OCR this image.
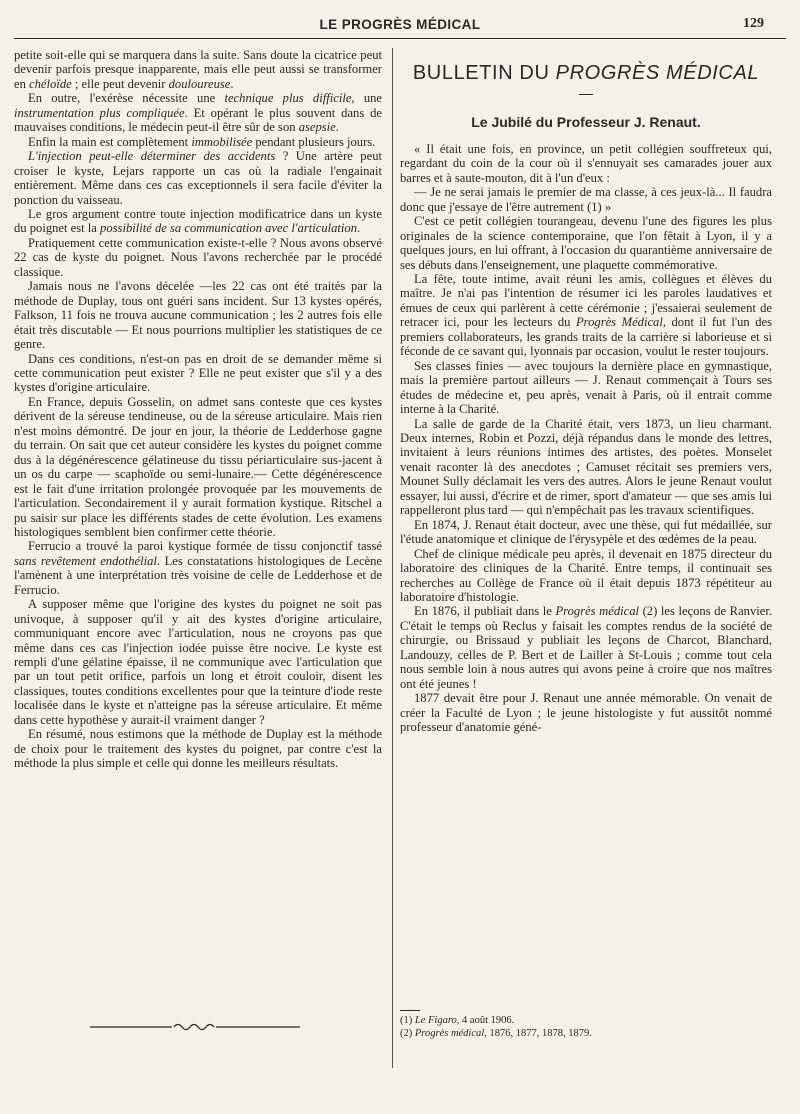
LE PROGRÈS MÉDICAL	129

petite soit-elle qui se marquera dans la suite. Sans doute la cicatrice peut devenir parfois presque inapparente, mais elle peut aussi se transformer en chéloïde ; elle peut devenir douloureuse.

En outre, l'exérèse nécessite une technique plus difficile, une instrumentation plus compliquée. Et opérant le plus souvent dans de mauvaises conditions, le médecin peut-il être sûr de son asepsie.

Enfin la main est complètement immobilisée pendant plusieurs jours.

L'injection peut-elle déterminer des accidents ? Une artère peut croiser le kyste, Lejars rapporte un cas où la radiale l'engainait entièrement. Même dans ces cas exceptionnels il sera facile d'éviter la ponction du vaisseau.

Le gros argument contre toute injection modificatrice dans un kyste du poignet est la possibilité de sa communication avec l'articulation.

Pratiquement cette communication existe-t-elle ? Nous avons observé 22 cas de kyste du poignet. Nous l'avons recherchée par le procédé classique.

Jamais nous ne l'avons décelée —les 22 cas ont été traités par la méthode de Duplay, tous ont guéri sans incident. Sur 13 kystes opérés, Falkson, 11 fois ne trouva aucune communication ; les 2 autres fois elle était très discutable — Et nous pourrions multiplier les statistiques de ce genre.

Dans ces conditions, n'est-on pas en droit de se demander même si cette communication peut exister ? Elle ne peut exister que s'il y a des kystes d'origine articulaire.

En France, depuis Gosselin, on admet sans conteste que ces kystes dérivent de la séreuse tendineuse, ou de la séreuse articulaire. Mais rien n'est moins démontré. De jour en jour, la théorie de Ledderhose gagne du terrain. On sait que cet auteur considère les kystes du poignet comme dus à la dégénérescence gélatineuse du tissu périarticulaire sus-jacent à un os du carpe — scaphoïde ou semi-lunaire.— Cette dégénérescence est le fait d'une irritation prolongée provoquée par les mouvements de l'articulation. Secondairement il y aurait formation kystique. Ritschel a pu saisir sur place les différents stades de cette évolution. Les examens histologiques semblent bien confirmer cette théorie.

Ferrucio a trouvé la paroi kystique formée de tissu conjonctif tassé sans revêtement endothélial. Les constatations histologiques de Lecène l'amènent à une interprétation très voisine de celle de Ledderhose et de Ferrucio.

A supposer même que l'origine des kystes du poignet ne soit pas univoque, à supposer qu'il y ait des kystes d'origine articulaire, communiquant encore avec l'articulation, nous ne croyons pas que même dans ces cas l'injection iodée puisse être nocive. Le kyste est rempli d'une gélatine épaisse, il ne communique avec l'articulation que par un tout petit orifice, parfois un long et étroit couloir, disent les classiques, toutes conditions excellentes pour que la teinture d'iode reste localisée dans le kyste et n'atteigne pas la séreuse articulaire. Et même dans cette hypothèse y aurait-il vraiment danger ?

En résumé, nous estimons que la méthode de Duplay est la méthode de choix pour le traitement des kystes du poignet, par contre c'est la méthode la plus simple et celle qui donne les meilleurs résultats.

BULLETIN DU PROGRÈS MÉDICAL
Le Jubilé du Professeur J. Renaut.

« Il était une fois, en province, un petit collégien souffreteux qui, regardant du coin de la cour où il s'ennuyait ses camarades jouer aux barres et à saute-mouton, dit à l'un d'eux :

— Je ne serai jamais le premier de ma classe, à ces jeux-là... Il faudra donc que j'essaye de l'être autrement (1) »

C'est ce petit collégien tourangeau, devenu l'une des figures les plus originales de la science contemporaine, que l'on fêtait à Lyon, il y a quelques jours, en lui offrant, à l'occasion du quarantième anniversaire de ses débuts dans l'enseignement, une plaquette commémorative.

La fête, toute intime, avait réuni les amis, collègues et élèves du maître. Je n'ai pas l'intention de résumer ici les paroles laudatives et émues de ceux qui parlèrent à cette cérémonie ; j'essaierai seulement de retracer ici, pour les lecteurs du Progrès Médical, dont il fut l'un des premiers collaborateurs, les grands traits de la carrière si laborieuse et si féconde de ce savant qui, lyonnais par occasion, voulut le rester toujours.

Ses classes finies — avec toujours la dernière place en gymnastique, mais la première partout ailleurs — J. Renaut commençait à Tours ses études de médecine et, peu après, venait à Paris, où il entrait comme interne à la Charité.

La salle de garde de la Charité était, vers 1873, un lieu charmant. Deux internes, Robin et Pozzi, déjà répandus dans le monde des lettres, invitaient à leurs réunions intimes des artistes, des poètes. Monselet venait raconter là des anecdotes ; Camuset récitait ses premiers vers, Mounet Sully déclamait les vers des autres. Alors le jeune Renaut voulut essayer, lui aussi, d'écrire et de rimer, sport d'amateur — que ses amis lui rappelleront plus tard — qui n'empêchait pas les travaux scientifiques.

En 1874, J. Renaut était docteur, avec une thèse, qui fut médaillée, sur l'étude anatomique et clinique de l'érysypèle et des œdèmes de la peau.

Chef de clinique médicale peu après, il devenait en 1875 directeur du laboratoire des cliniques de la Charité. Entre temps, il continuait ses recherches au Collège de France où il était depuis 1873 répétiteur au laboratoire d'histologie.

En 1876, il publiait dans le Progrès médical (2) les leçons de Ranvier. C'était le temps où Reclus y faisait les comptes rendus de la société de chirurgie, ou Brissaud y publiait les leçons de Charcot, Blanchard, Landouzy, celles de P. Bert et de Lailler à St-Louis ; comme tout cela nous semble loin à nous autres qui avons peine à croire que nos maîtres ont été jeunes !

1877 devait être pour J. Renaut une année mémorable. On venait de créer la Faculté de Lyon ; le jeune histologiste y fut aussitôt nommé professeur d'anatomie géné-

(1) Le Figaro, 4 août 1906.
(2) Progrès médical, 1876, 1877, 1878, 1879.
